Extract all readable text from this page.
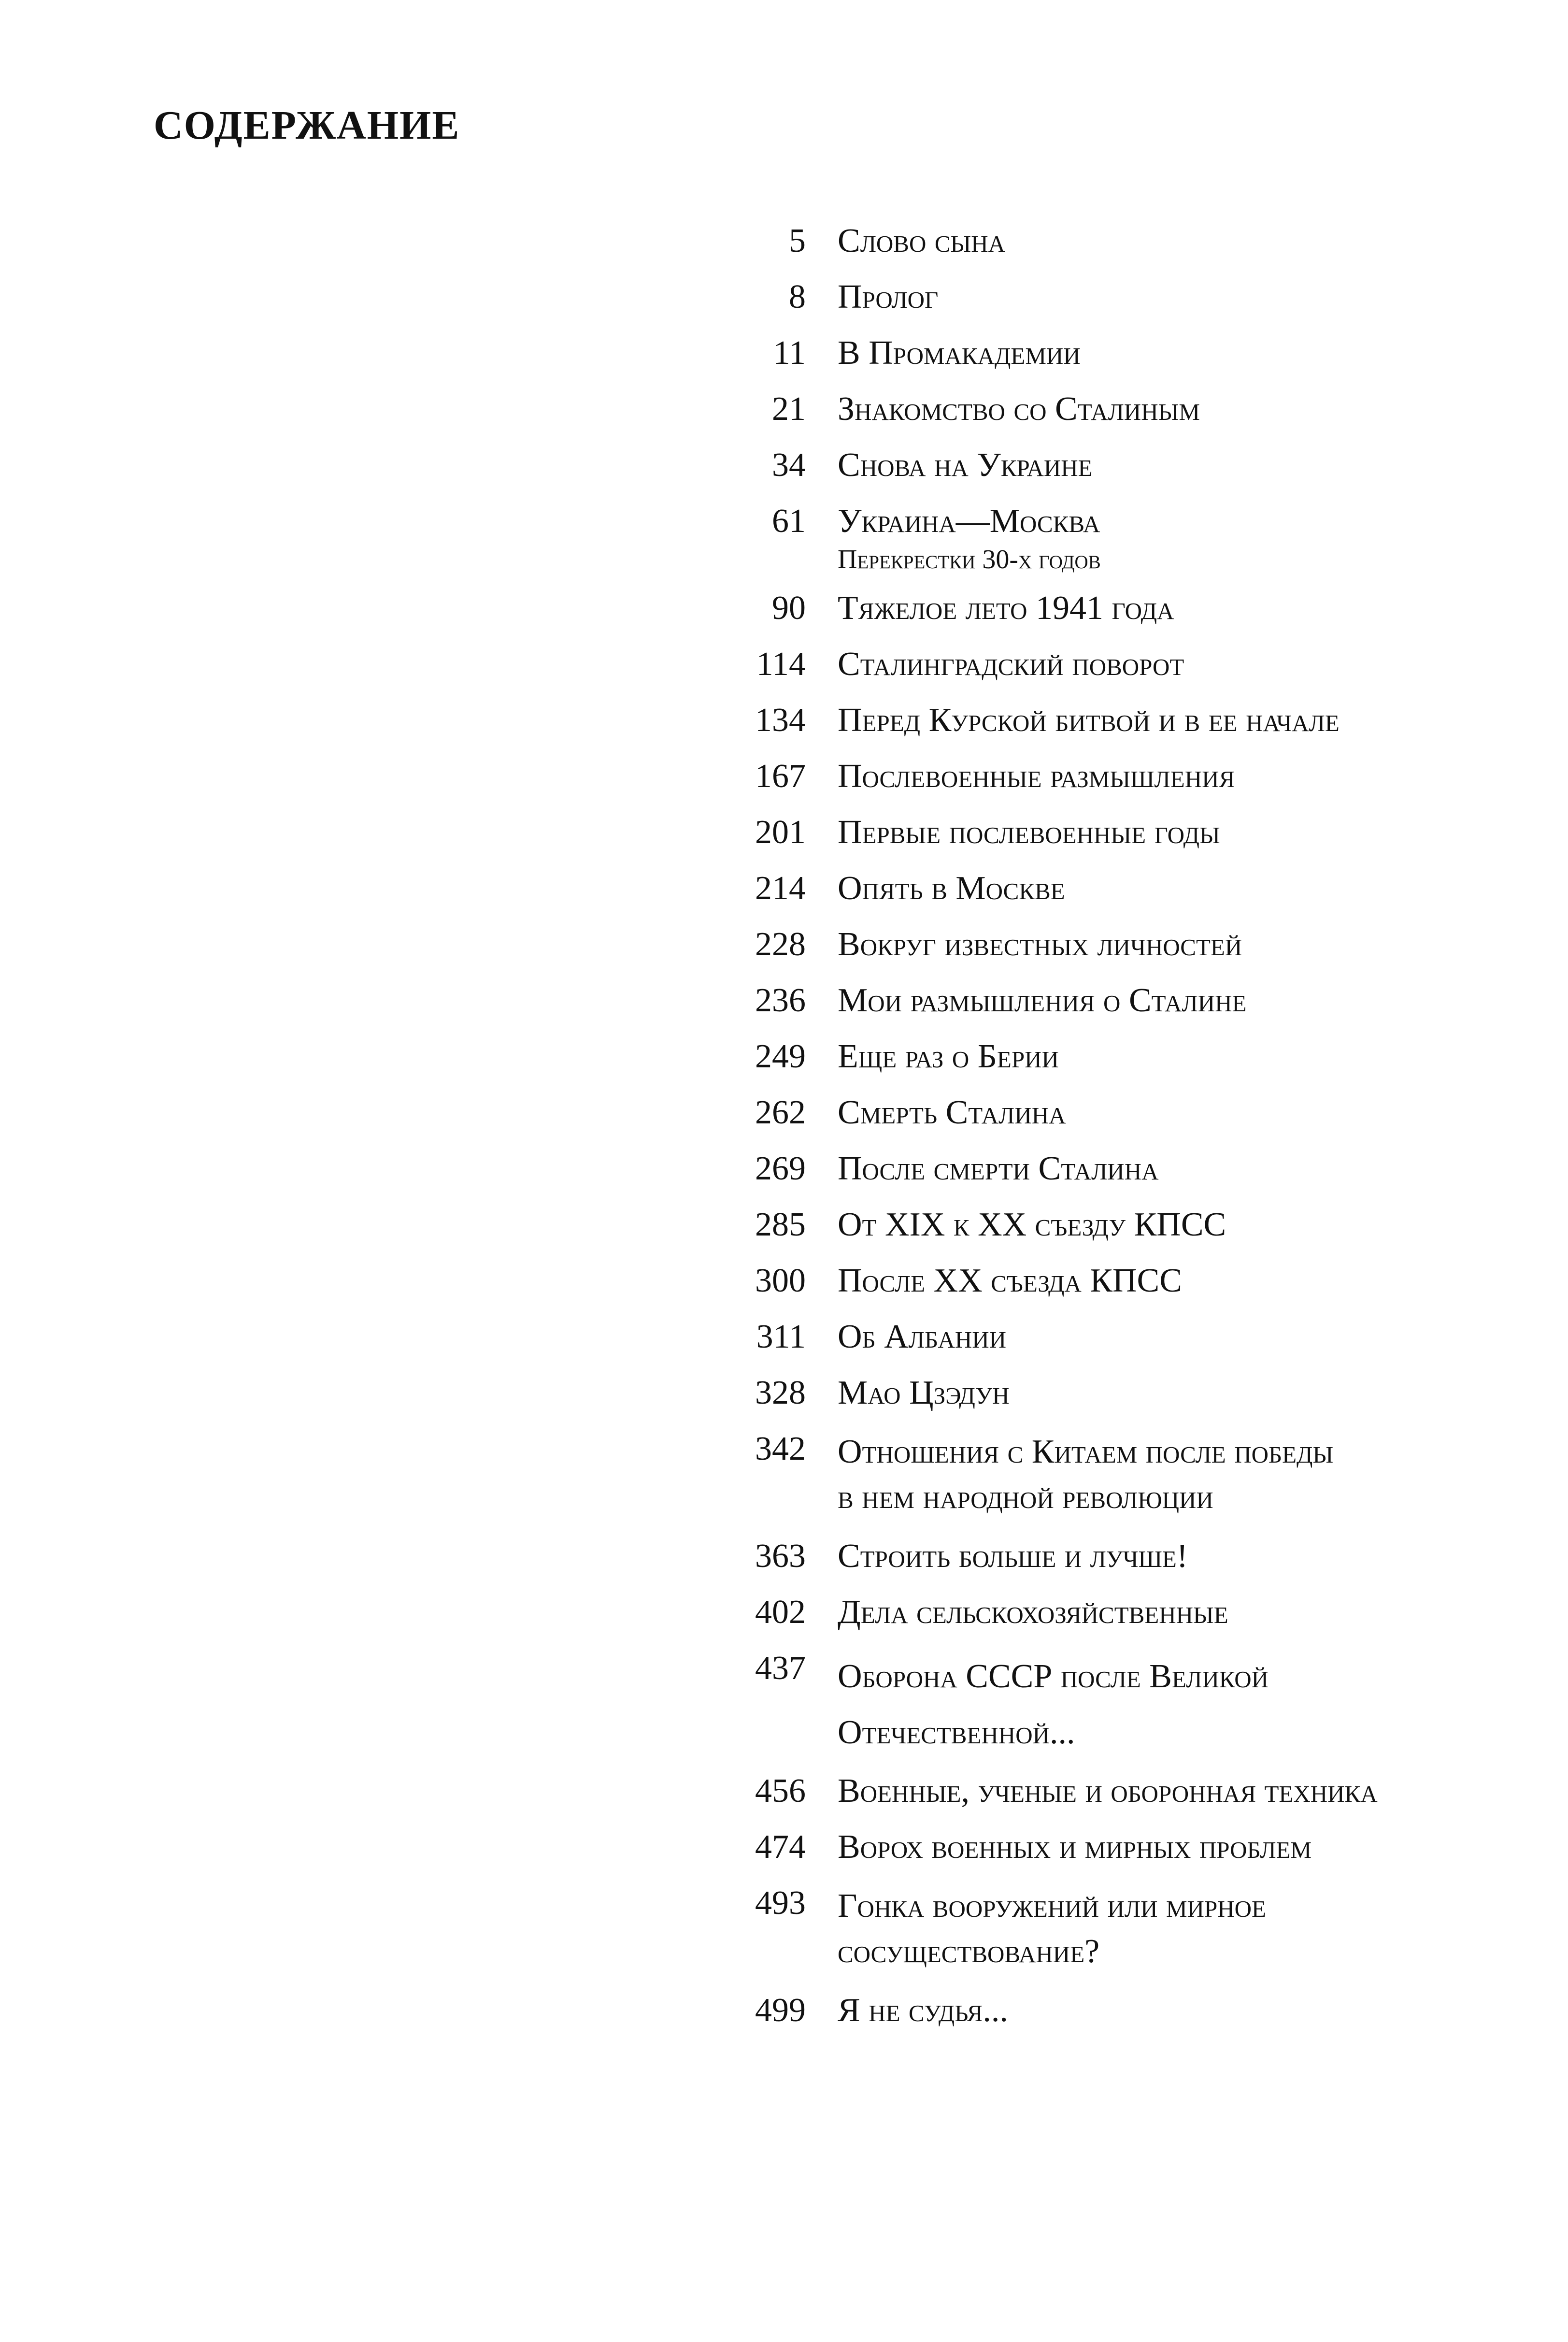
СОДЕРЖАНИЕ
5 Слово сына
8 Пролог
11 В Промакадемии
21 Знакомство со Сталиным
34 Снова на Украине
61 Украина—Москва
Перекрестки 30-х годов
90 Тяжелое лето 1941 года
114 Сталинградский поворот
134 Перед Курской битвой и в ее начале
167 Послевоенные размышления
201 Первые послевоенные годы
214 Опять в Москве
228 Вокруг известных личностей
236 Мои размышления о Сталине
249 Еще раз о Берии
262 Смерть Сталина
269 После смерти Сталина
285 От XIX к XX съезду КПСС
300 После XX съезда КПСС
311 Об Албании
328 Мао Цзэдун
342 Отношения с Китаем после победы
в нем народной революции
363 Строить больше и лучше!
402 Дела сельскохозяйственные
437 Оборона СССР после Великой
Отечественной...
456 Военные, ученые и оборонная техника
474 Ворох военных и мирных проблем
493 Гонка вооружений или мирное
сосуществование?
499 Я не судья...
